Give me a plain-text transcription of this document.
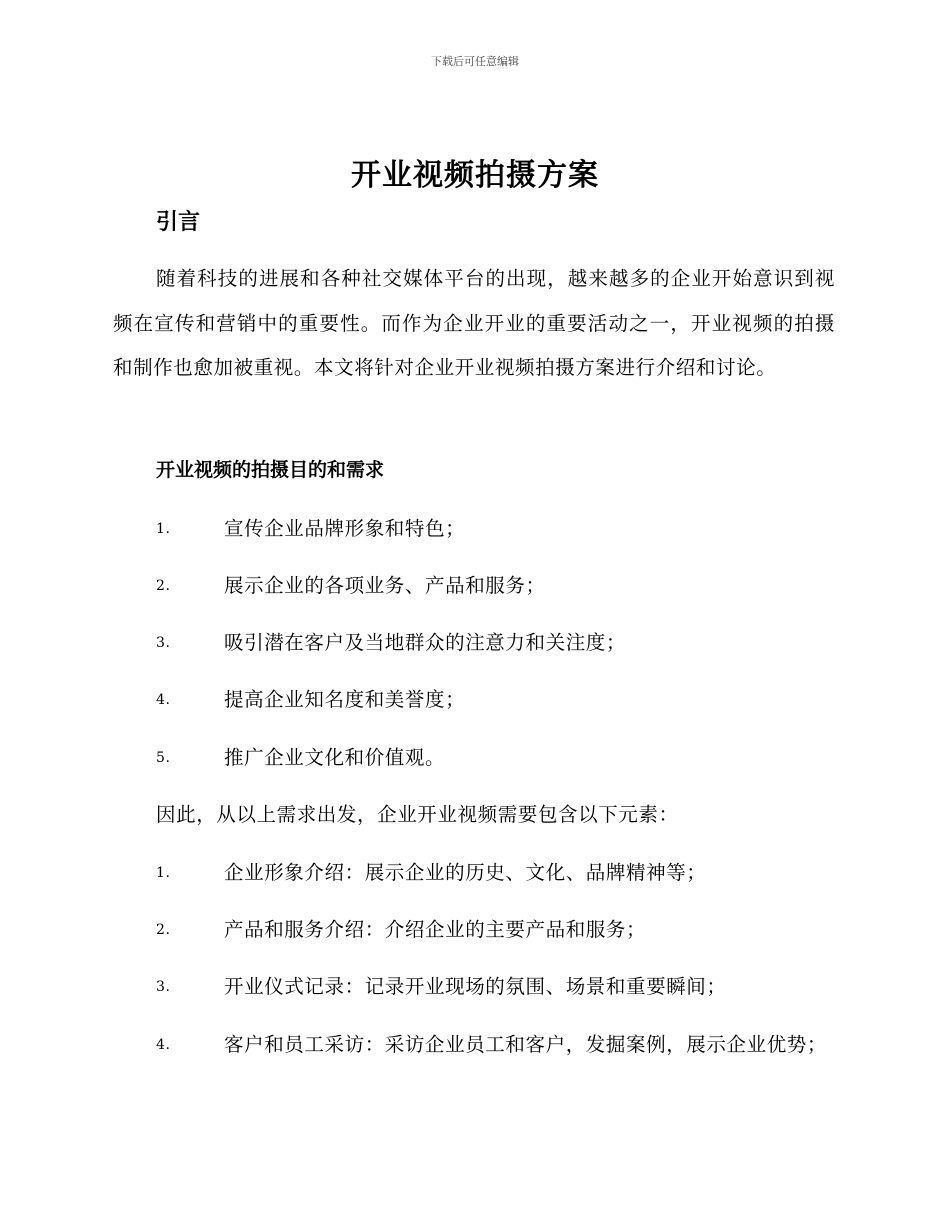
下载后可任意编辑
开业视频拍摄方案
引言
随着科技的进展和各种社交媒体平台的出现，越来越多的企业开始意识到视频在宣传和营销中的重要性。而作为企业开业的重要活动之一，开业视频的拍摄和制作也愈加被重视。本文将针对企业开业视频拍摄方案进行介绍和讨论。
开业视频的拍摄目的和需求
1.	宣传企业品牌形象和特色；
2.	展示企业的各项业务、产品和服务；
3.	吸引潜在客户及当地群众的注意力和关注度；
4.	提高企业知名度和美誉度；
5.	推广企业文化和价值观。
因此，从以上需求出发，企业开业视频需要包含以下元素：
1.	企业形象介绍：展示企业的历史、文化、品牌精神等；
2.	产品和服务介绍：介绍企业的主要产品和服务；
3.	开业仪式记录：记录开业现场的氛围、场景和重要瞬间；
4.	客户和员工采访：采访企业员工和客户，发掘案例，展示企业优势；
